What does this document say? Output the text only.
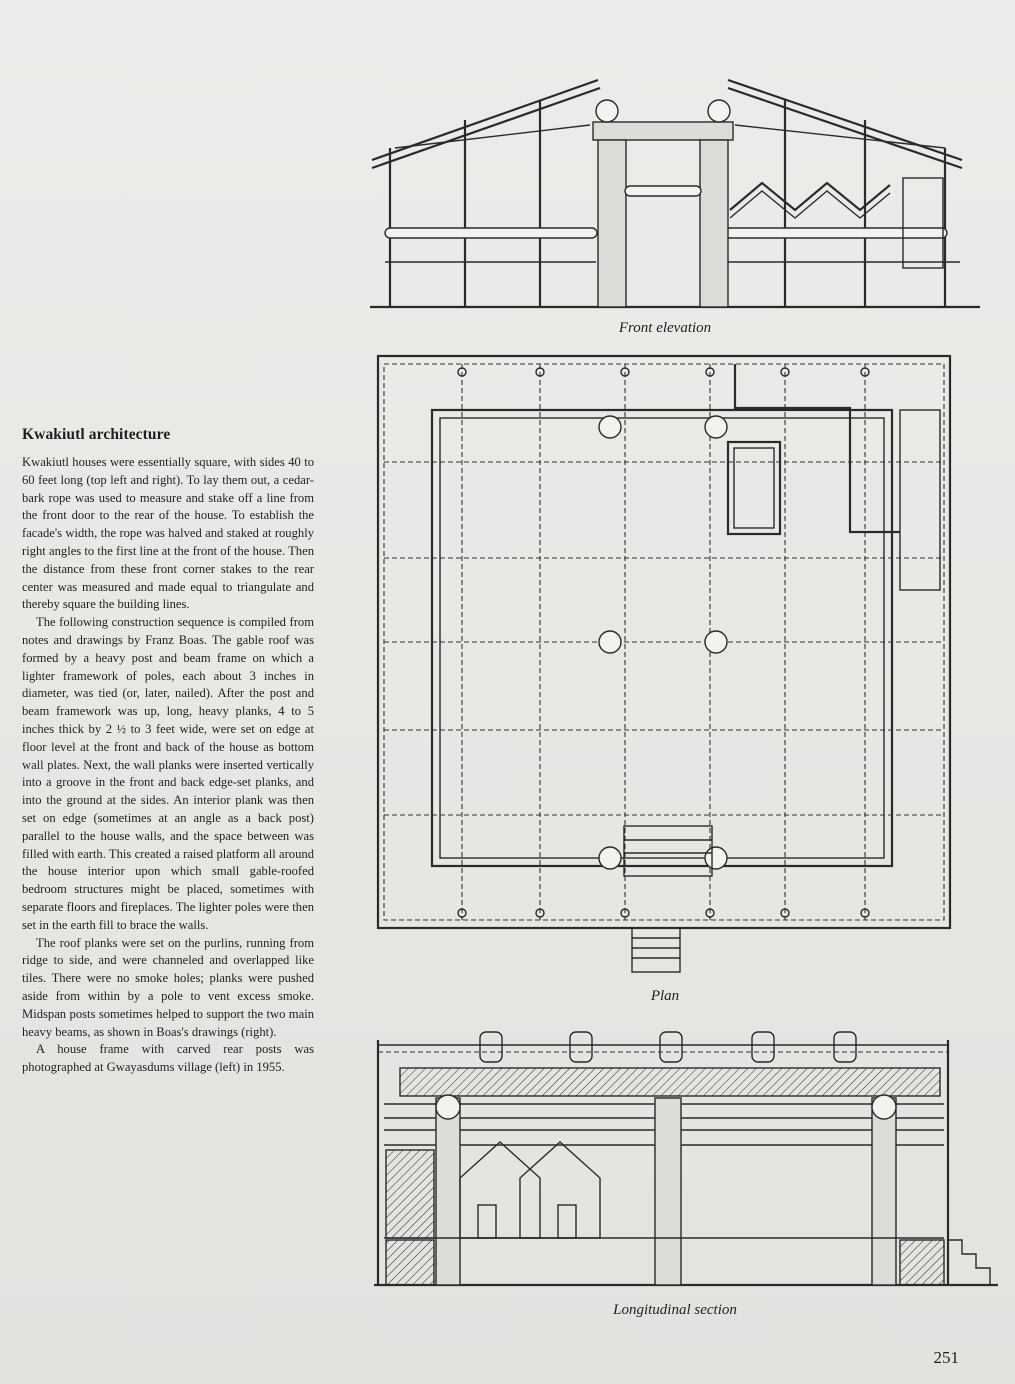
Front elevation
Plan
Longitudinal section
Kwakiutl architecture

Kwakiutl houses were essentially square, with sides 40 to 60 feet long (top left and right). To lay them out, a cedar-bark rope was used to measure and stake off a line from the front door to the rear of the house. To establish the facade's width, the rope was halved and staked at roughly right angles to the first line at the front of the house. Then the distance from these front corner stakes to the rear center was measured and made equal to triangulate and thereby square the building lines.

The following construction sequence is compiled from notes and drawings by Franz Boas. The gable roof was formed by a heavy post and beam frame on which a lighter framework of poles, each about 3 inches in diameter, was tied (or, later, nailed). After the post and beam framework was up, long, heavy planks, 4 to 5 inches thick by 2 ½ to 3 feet wide, were set on edge at floor level at the front and back of the house as bottom wall plates. Next, the wall planks were inserted vertically into a groove in the front and back edge-set planks, and into the ground at the sides. An interior plank was then set on edge (sometimes at an angle as a back post) parallel to the house walls, and the space between was filled with earth. This created a raised platform all around the house interior upon which small gable-roofed bedroom structures might be placed, sometimes with separate floors and fireplaces. The lighter poles were then set in the earth fill to brace the walls.

The roof planks were set on the purlins, running from ridge to side, and were channeled and overlapped like tiles. There were no smoke holes; planks were pushed aside from within by a pole to vent excess smoke. Midspan posts sometimes helped to support the two main heavy beams, as shown in Boas's drawings (right).

A house frame with carved rear posts was photographed at Gwayasdums village (left) in 1955.

251
